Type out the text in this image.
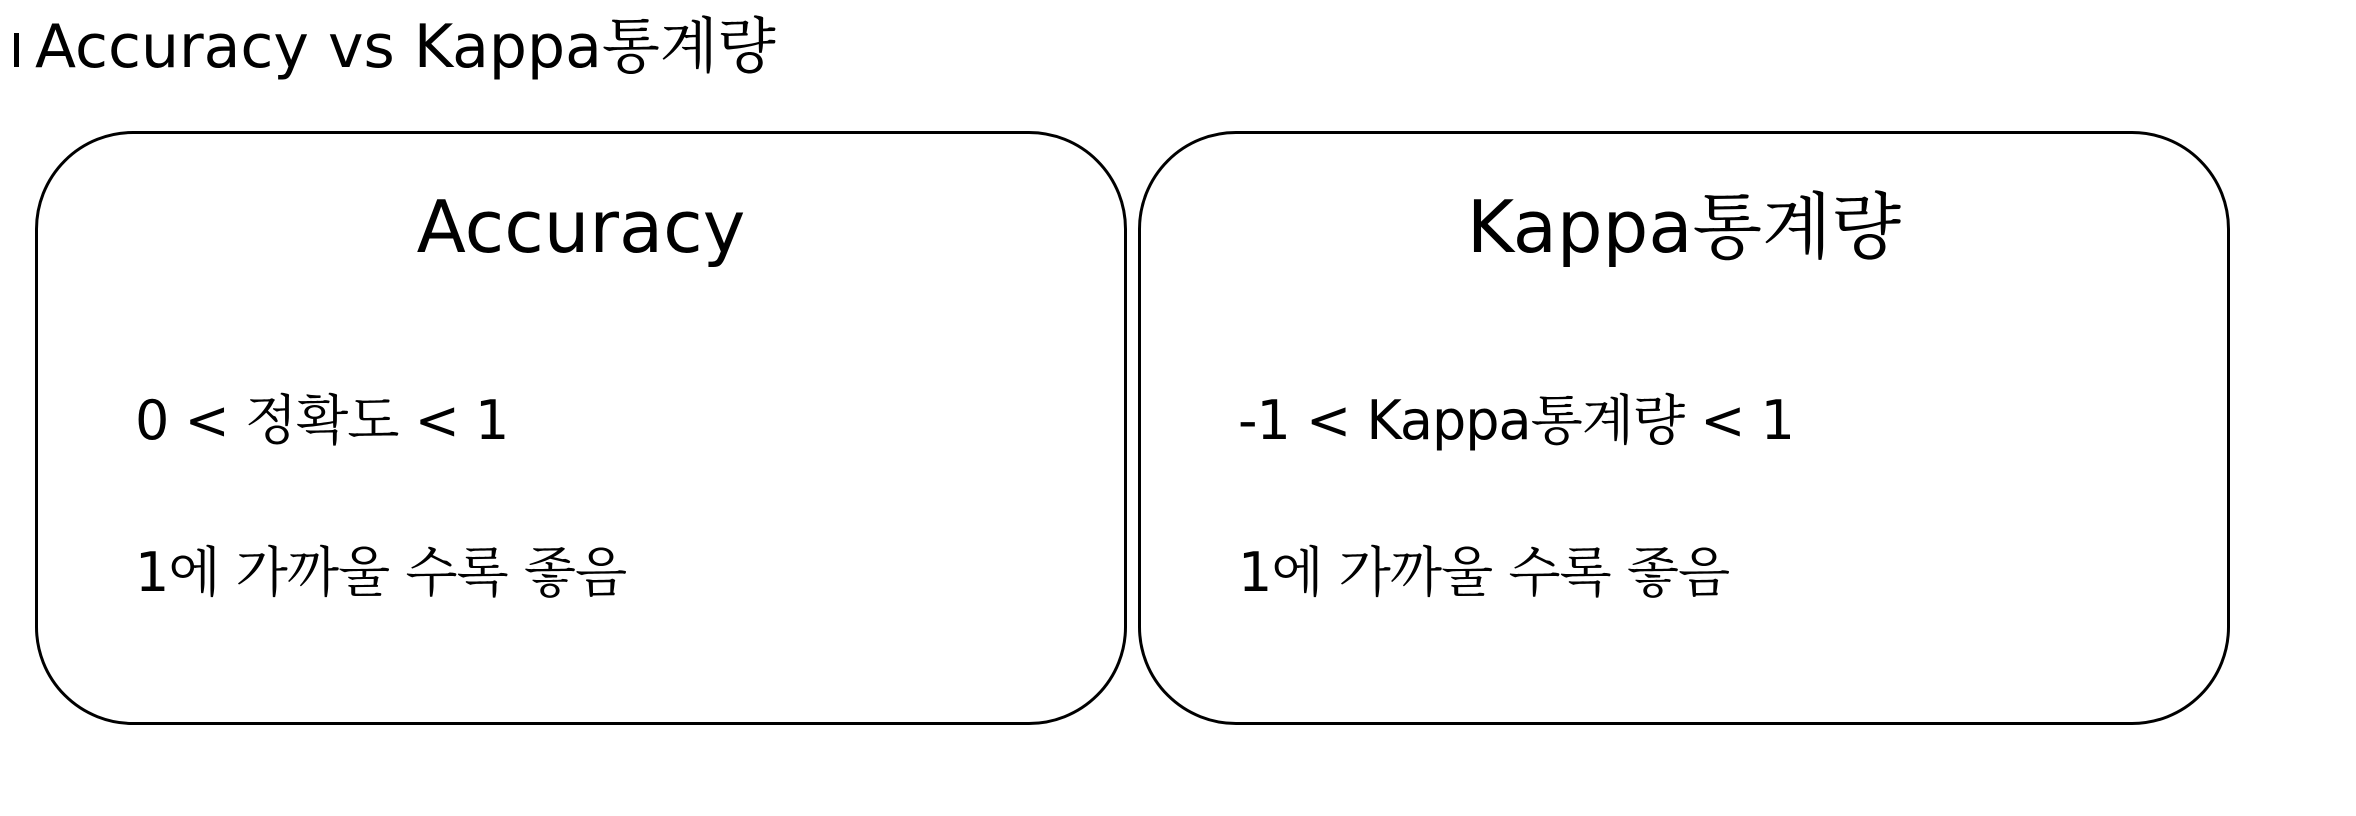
Accuracy vs Kappa통계량
Accuracy
0 < 정확도 < 1
1에 가까울 수록 좋음
Kappa통계량
-1 < Kappa통계량 < 1
1에 가까울 수록 좋음
